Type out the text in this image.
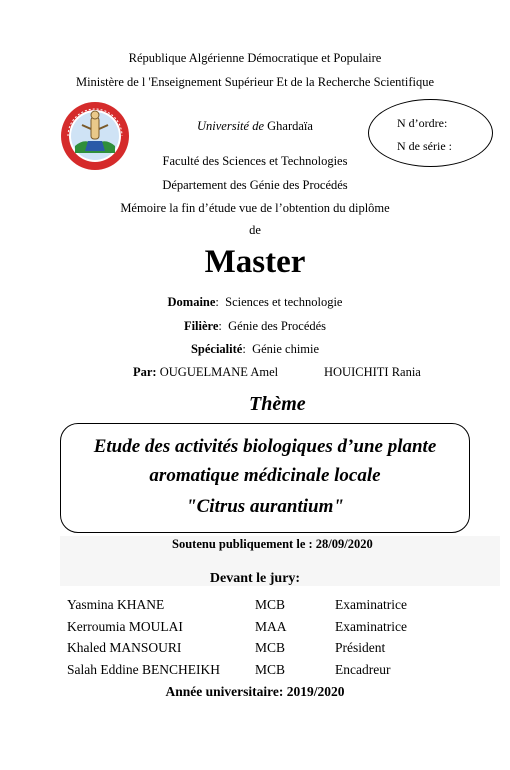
République Algérienne Démocratique et Populaire
Ministère de l 'Enseignement Supérieur Et de la Recherche Scientifique
Université de Ghardaïa	N d’ordre:
N de série :
Faculté des Sciences et Technologies
Département des Génie des Procédés
Mémoire la fin d’étude vue de l’obtention du diplôme
de
Master
Domaine:  Sciences et technologie
Filière:  Génie des Procédés
Spécialité:  Génie chimie
Par: OUGUELMANE Amel	HOUICHITI Rania
Thème
Etude des activités biologiques d’une plante
aromatique médicinale locale
"Citrus aurantium"
Soutenu publiquement le : 28/09/2020
Devant le jury:
Yasmina KHANE	MCB	Examinatrice
Kerroumia MOULAI	MAA	Examinatrice
Khaled MANSOURI	MCB	Président
Salah Eddine BENCHEIKH	MCB	Encadreur
Année universitaire: 2019/2020
